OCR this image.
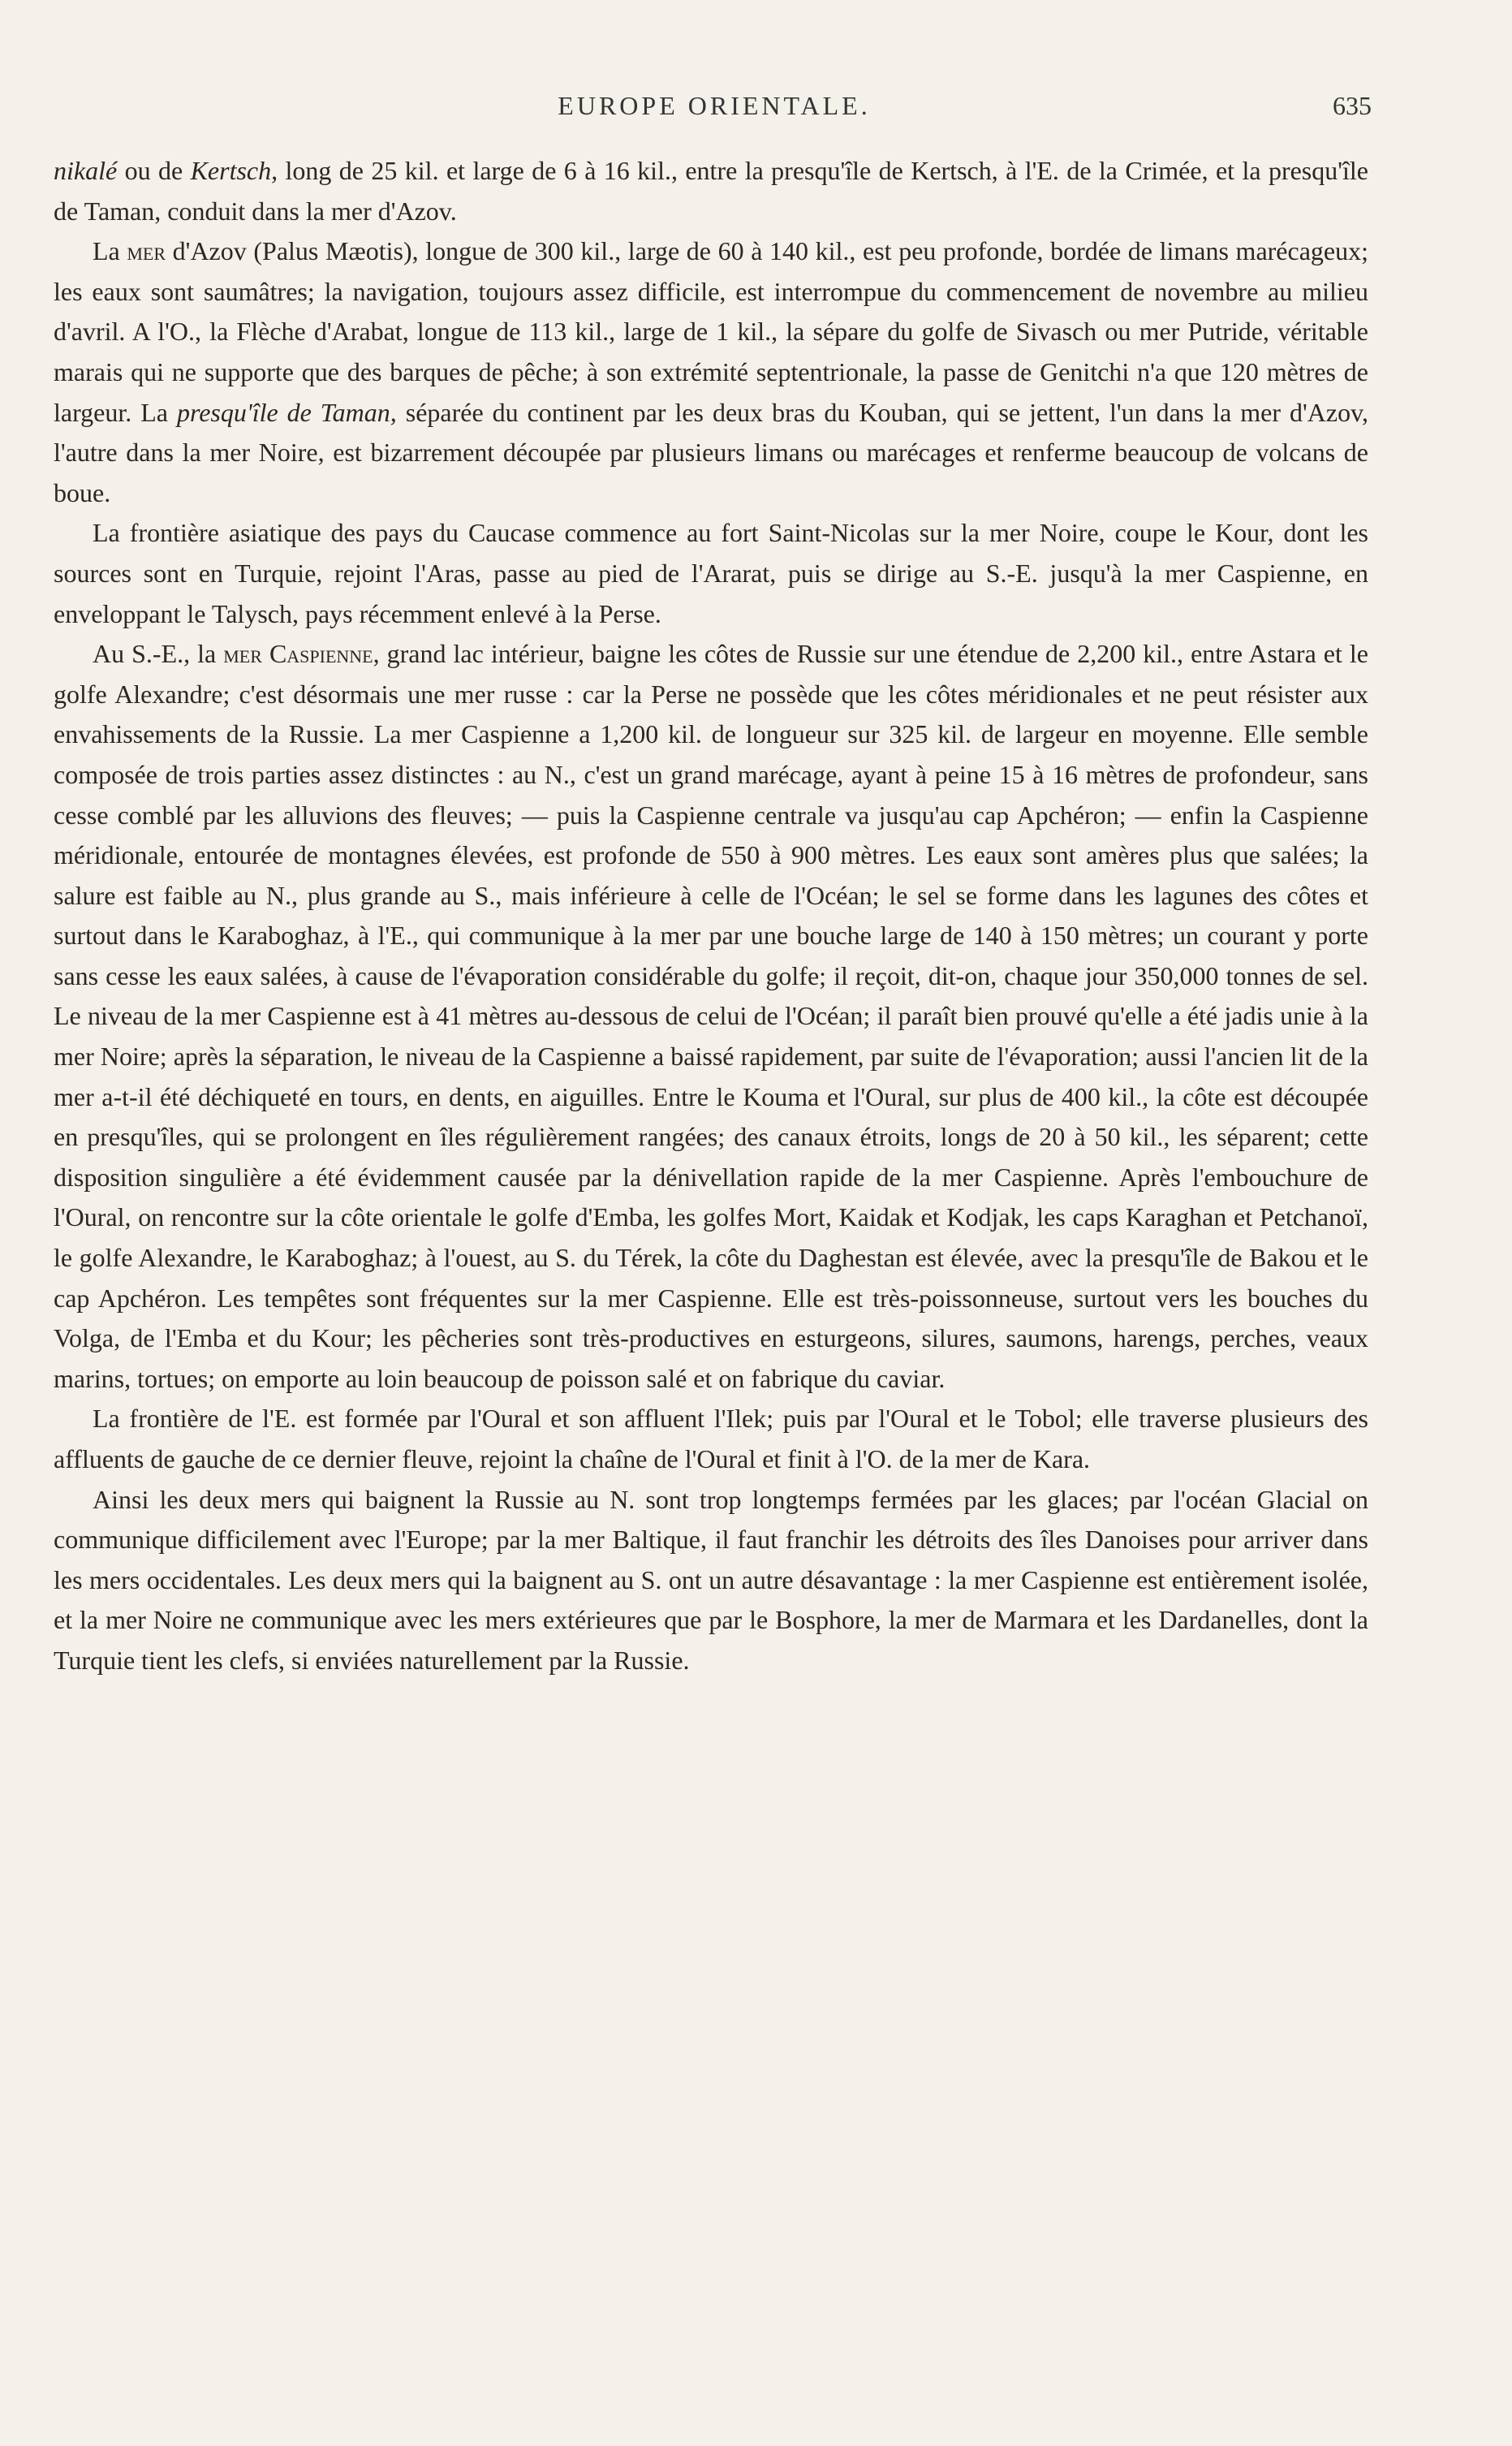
EUROPE ORIENTALE.	635

nikalé ou de Kertsch, long de 25 kil. et large de 6 à 16 kil., entre la presqu'île de Kertsch, à l'E. de la Crimée, et la presqu'île de Taman, conduit dans la mer d'Azov.

La mer d'Azov (Palus Mæotis), longue de 300 kil., large de 60 à 140 kil., est peu profonde, bordée de limans marécageux; les eaux sont saumâtres; la navigation, toujours assez difficile, est interrompue du commencement de novembre au milieu d'avril. A l'O., la Flèche d'Arabat, longue de 113 kil., large de 1 kil., la sépare du golfe de Sivasch ou mer Putride, véritable marais qui ne supporte que des barques de pêche; à son extrémité septentrionale, la passe de Genitchi n'a que 120 mètres de largeur. La presqu'île de Taman, séparée du continent par les deux bras du Kouban, qui se jettent, l'un dans la mer d'Azov, l'autre dans la mer Noire, est bizarrement découpée par plusieurs limans ou marécages et renferme beaucoup de volcans de boue.

La frontière asiatique des pays du Caucase commence au fort Saint-Nicolas sur la mer Noire, coupe le Kour, dont les sources sont en Turquie, rejoint l'Aras, passe au pied de l'Ararat, puis se dirige au S.-E. jusqu'à la mer Caspienne, en enveloppant le Talysch, pays récemment enlevé à la Perse.

Au S.-E., la mer Caspienne, grand lac intérieur, baigne les côtes de Russie sur une étendue de 2,200 kil., entre Astara et le golfe Alexandre; c'est désormais une mer russe : car la Perse ne possède que les côtes méridionales et ne peut résister aux envahissements de la Russie. La mer Caspienne a 1,200 kil. de longueur sur 325 kil. de largeur en moyenne. Elle semble composée de trois parties assez distinctes : au N., c'est un grand marécage, ayant à peine 15 à 16 mètres de profondeur, sans cesse comblé par les alluvions des fleuves; — puis la Caspienne centrale va jusqu'au cap Apchéron; — enfin la Caspienne méridionale, entourée de montagnes élevées, est profonde de 550 à 900 mètres. Les eaux sont amères plus que salées; la salure est faible au N., plus grande au S., mais inférieure à celle de l'Océan; le sel se forme dans les lagunes des côtes et surtout dans le Karaboghaz, à l'E., qui communique à la mer par une bouche large de 140 à 150 mètres; un courant y porte sans cesse les eaux salées, à cause de l'évaporation considérable du golfe; il reçoit, dit-on, chaque jour 350,000 tonnes de sel. Le niveau de la mer Caspienne est à 41 mètres au-dessous de celui de l'Océan; il paraît bien prouvé qu'elle a été jadis unie à la mer Noire; après la séparation, le niveau de la Caspienne a baissé rapidement, par suite de l'évaporation; aussi l'ancien lit de la mer a-t-il été déchiqueté en tours, en dents, en aiguilles. Entre le Kouma et l'Oural, sur plus de 400 kil., la côte est découpée en presqu'îles, qui se prolongent en îles régulièrement rangées; des canaux étroits, longs de 20 à 50 kil., les séparent; cette disposition singulière a été évidemment causée par la dénivellation rapide de la mer Caspienne. Après l'embouchure de l'Oural, on rencontre sur la côte orientale le golfe d'Emba, les golfes Mort, Kaidak et Kodjak, les caps Karaghan et Petchanoï, le golfe Alexandre, le Karaboghaz; à l'ouest, au S. du Térek, la côte du Daghestan est élevée, avec la presqu'île de Bakou et le cap Apchéron. Les tempêtes sont fréquentes sur la mer Caspienne. Elle est très-poissonneuse, surtout vers les bouches du Volga, de l'Emba et du Kour; les pêcheries sont très-productives en esturgeons, silures, saumons, harengs, perches, veaux marins, tortues; on emporte au loin beaucoup de poisson salé et on fabrique du caviar.

La frontière de l'E. est formée par l'Oural et son affluent l'Ilek; puis par l'Oural et le Tobol; elle traverse plusieurs des affluents de gauche de ce dernier fleuve, rejoint la chaîne de l'Oural et finit à l'O. de la mer de Kara.

Ainsi les deux mers qui baignent la Russie au N. sont trop longtemps fermées par les glaces; par l'océan Glacial on communique difficilement avec l'Europe; par la mer Baltique, il faut franchir les détroits des îles Danoises pour arriver dans les mers occidentales. Les deux mers qui la baignent au S. ont un autre désavantage : la mer Caspienne est entièrement isolée, et la mer Noire ne communique avec les mers extérieures que par le Bosphore, la mer de Marmara et les Dardanelles, dont la Turquie tient les clefs, si enviées naturellement par la Russie.
